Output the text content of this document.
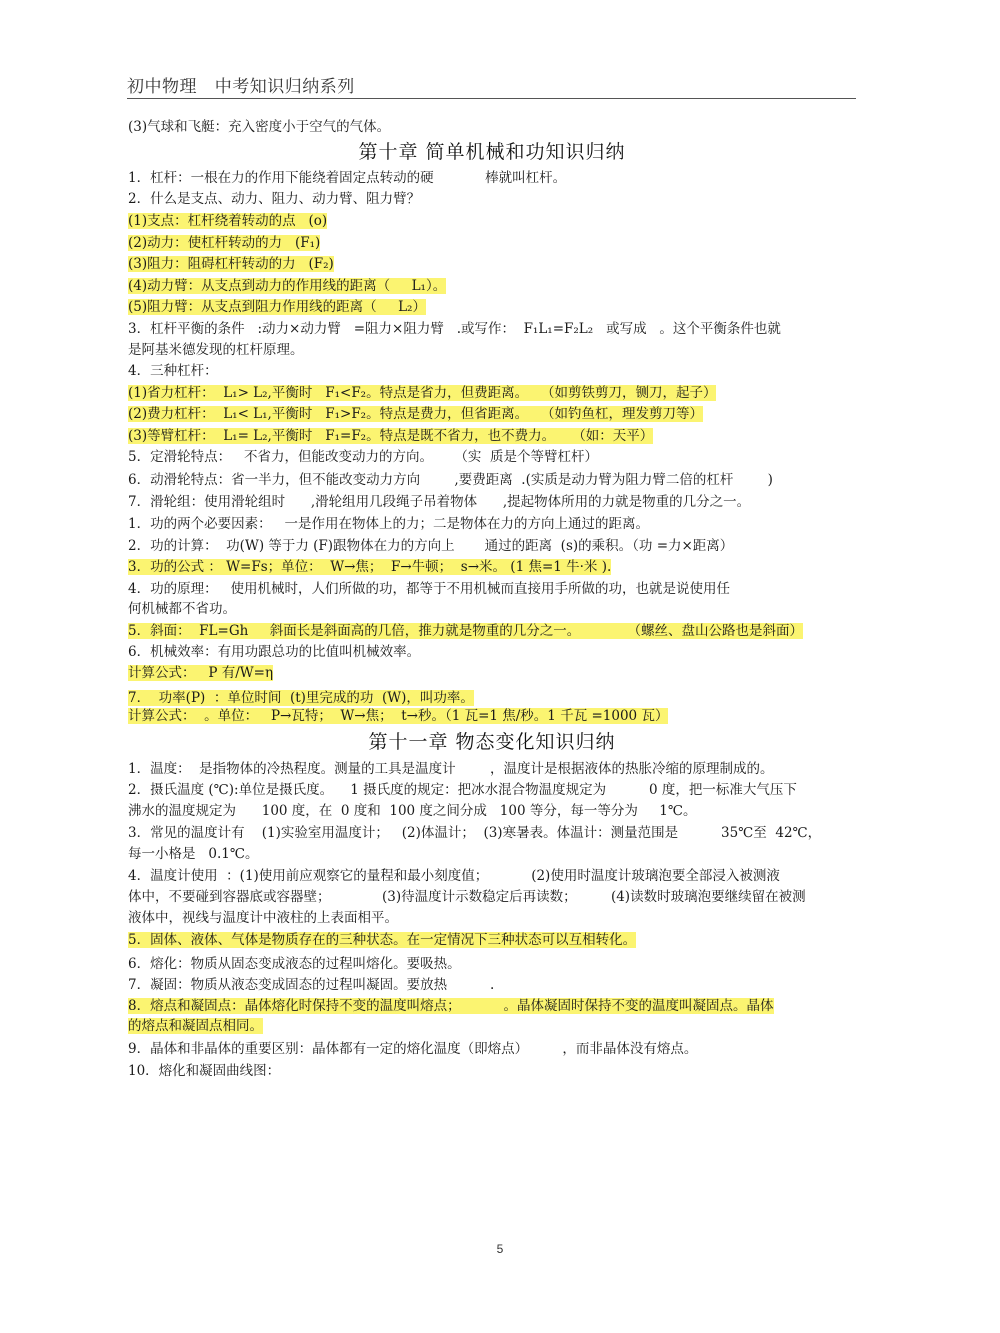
初中物理   中考知识归纳系列
(3)气球和飞艇：充入密度小于空气的气体。
第十章 简单机械和功知识归纳
1．杠杆：一根在力的作用下能绕着固定点转动的硬            棒就叫杠杆。
2．什么是支点、动力、阻力、动力臂、阻力臂？
(1)支点：杠杆绕着转动的点   (o)
(2)动力：使杠杆转动的力   (F₁)
(3)阻力：阻碍杠杆转动的力   (F₂)
(4)动力臂：从支点到动力的作用线的距离（     L₁）。
(5)阻力臂：从支点到阻力作用线的距离（     L₂）
3．杠杆平衡的条件   :动力×动力臂   =阻力×阻力臂   .或写作：  F₁L₁=F₂L₂   或写成   。这个平衡条件也就
是阿基米德发现的杠杆原理。
4．三种杠杆：
(1)省力杠杆：  L₁> L₂,平衡时   F₁<F₂。特点是省力，但费距离。   （如剪铁剪刀，铡刀，起子）
(2)费力杠杆：  L₁< L₁,平衡时   F₁>F₂。特点是费力，但省距离。   （如钓鱼杠，理发剪刀等）
(3)等臂杠杆：  L₁= L₂,平衡时   F₁=F₂。特点是既不省力，也不费力。    （如：天平）
5．定滑轮特点：   不省力，但能改变动力的方向。     （实  质是个等臂杠杆）
6．动滑轮特点：省一半力，但不能改变动力方向        ,要费距离  .(实质是动力臂为阻力臂二倍的杠杆        )
7．滑轮组：使用滑轮组时      ,滑轮组用几段绳子吊着物体      ,提起物体所用的力就是物重的几分之一。
1．功的两个必要因素：   一是作用在物体上的力；二是物体在力的方向上通过的距离。
2．功的计算：  功(W) 等于力 (F)跟物体在力的方向上       通过的距离  (s)的乘积。（功 =力×距离）
3．功的公式 ： W=Fs；单位：  W→焦；  F→牛顿；  s→米。 (1 焦=1 牛·米 ).
4．功的原理：   使用机械时，人们所做的功，都等于不用机械而直接用手所做的功，也就是说使用任
何机械都不省功。
5．斜面：  FL=Gh     斜面长是斜面高的几倍，推力就是物重的几分之一。           （螺丝、盘山公路也是斜面）
6．机械效率：有用功跟总功的比值叫机械效率。
计算公式：   P 有/W=η
7．  功率(P)  ：单位时间  (t)里完成的功  (W)，叫功率。
计算公式：  。单位：   P→瓦特；  W→焦；  t→秒。（1 瓦=1 焦/秒。1 千瓦 =1000 瓦）
第十一章 物态变化知识归纳
1．温度：  是指物体的冷热程度。测量的工具是温度计        ，温度计是根据液体的热胀冷缩的原理制成的。
2．摄氏温度 (℃):单位是摄氏度。    1 摄氏度的规定：把冰水混合物温度规定为          0 度，把一标准大气压下
沸水的温度规定为      100 度，在  0 度和  100 度之间分成   100 等分，每一等分为     1℃。
3．常见的温度计有    (1)实验室用温度计；   (2)体温计；  (3)寒暑表。体温计：测量范围是          35℃至  42℃，
每一小格是   0.1℃。
4．温度计使用  ：(1)使用前应观察它的量程和最小刻度值；          (2)使用时温度计玻璃泡要全部浸入被测液
体中，不要碰到容器底或容器壁；            (3)待温度计示数稳定后再读数；        (4)读数时玻璃泡要继续留在被测
液体中，视线与温度计中液柱的上表面相平。
5．固体、液体、气体是物质存在的三种状态。在一定情况下三种状态可以互相转化。
6．熔化：物质从固态变成液态的过程叫熔化。要吸热。
7．凝固：物质从液态变成固态的过程叫凝固。要放热          .
8．熔点和凝固点：晶体熔化时保持不变的温度叫熔点；          。晶体凝固时保持不变的温度叫凝固点。晶体
的熔点和凝固点相同。
9．晶体和非晶体的重要区别：晶体都有一定的熔化温度（即熔点）        ，而非晶体没有熔点。
10．熔化和凝固曲线图：
5
